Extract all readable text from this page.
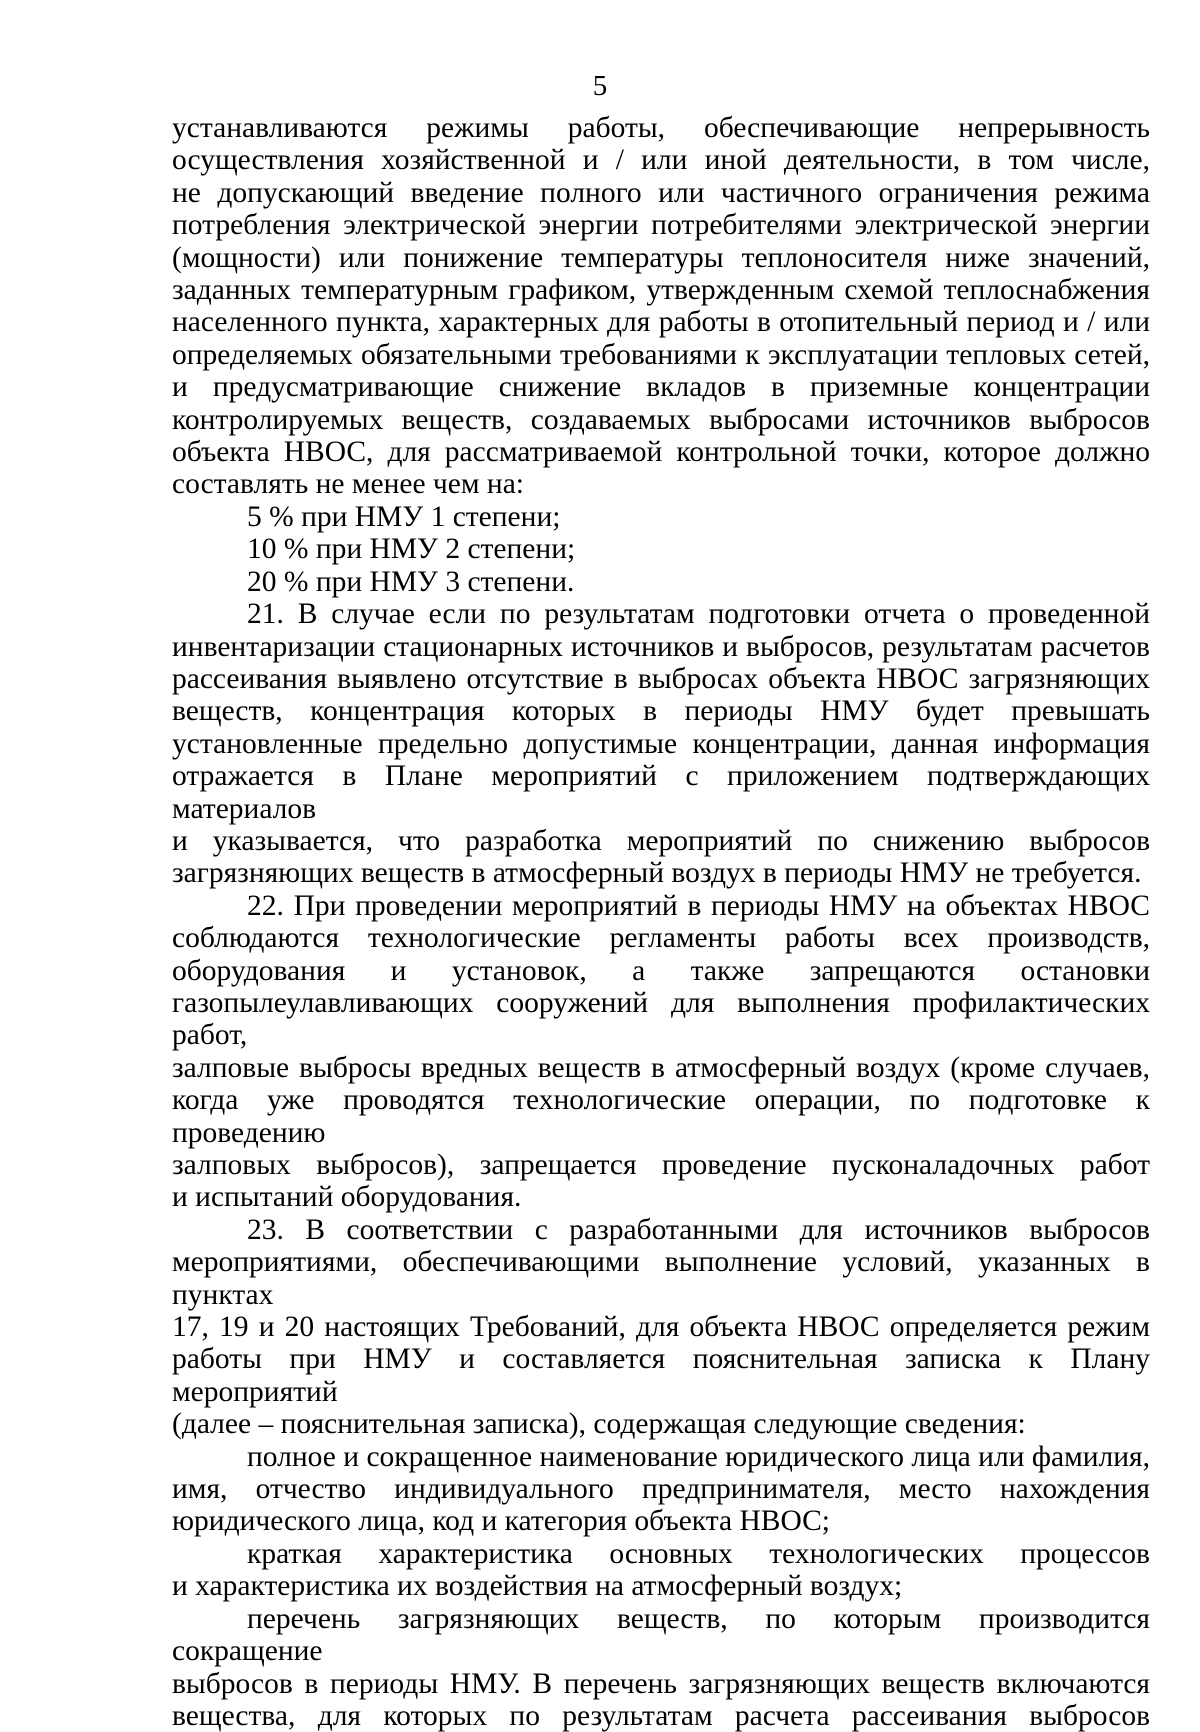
5

устанавливаются режимы работы, обеспечивающие непрерывность

осуществления хозяйственной и / или иной деятельности, в том числе,

не допускающий введение полного или частичного ограничения режима

потребления электрической энергии потребителями электрической энергии

(мощности) или понижение температуры теплоносителя ниже значений,

заданных температурным графиком, утвержденным схемой теплоснабжения

населенного пункта, характерных для работы в отопительный период и / или

определяемых обязательными требованиями к эксплуатации тепловых сетей,

и предусматривающие снижение вкладов в приземные концентрации

контролируемых веществ, создаваемых выбросами источников выбросов

объекта НВОС, для рассматриваемой контрольной точки, которое должно

составлять не менее чем на:

5 % при НМУ 1 степени;

10 % при НМУ 2 степени;

20 % при НМУ 3 степени.

21. В случае если по результатам подготовки отчета о проведенной

инвентаризации стационарных источников и выбросов, результатам расчетов

рассеивания выявлено отсутствие в выбросах объекта НВОС загрязняющих

веществ, концентрация которых в периоды НМУ будет превышать

установленные предельно допустимые концентрации, данная информация

отражается в Плане мероприятий с приложением подтверждающих материалов

и указывается, что разработка мероприятий по снижению выбросов

загрязняющих веществ в атмосферный воздух в периоды НМУ не требуется.

22. При проведении мероприятий в периоды НМУ на объектах НВОС

соблюдаются технологические регламенты работы всех производств,

оборудования и установок, а также запрещаются остановки

газопылеулавливающих сооружений для выполнения профилактических работ,

залповые выбросы вредных веществ в атмосферный воздух (кроме случаев,

когда уже проводятся технологические операции, по подготовке к проведению

залповых выбросов), запрещается проведение пусконаладочных работ

и испытаний оборудования.

23. В соответствии с разработанными для источников выбросов

мероприятиями, обеспечивающими выполнение условий, указанных в пунктах

17, 19 и 20 настоящих Требований, для объекта НВОС определяется режим

работы при НМУ и составляется пояснительная записка к Плану мероприятий

(далее – пояснительная записка), содержащая следующие сведения:

полное и сокращенное наименование юридического лица или фамилия,

имя, отчество индивидуального предпринимателя, место нахождения

юридического лица, код и категория объекта НВОС;

краткая характеристика основных технологических процессов

и характеристика их воздействия на атмосферный воздух;

перечень загрязняющих веществ, по которым производится сокращение

выбросов в периоды НМУ. В перечень загрязняющих веществ включаются

вещества, для которых по результатам расчета рассеивания выбросов
